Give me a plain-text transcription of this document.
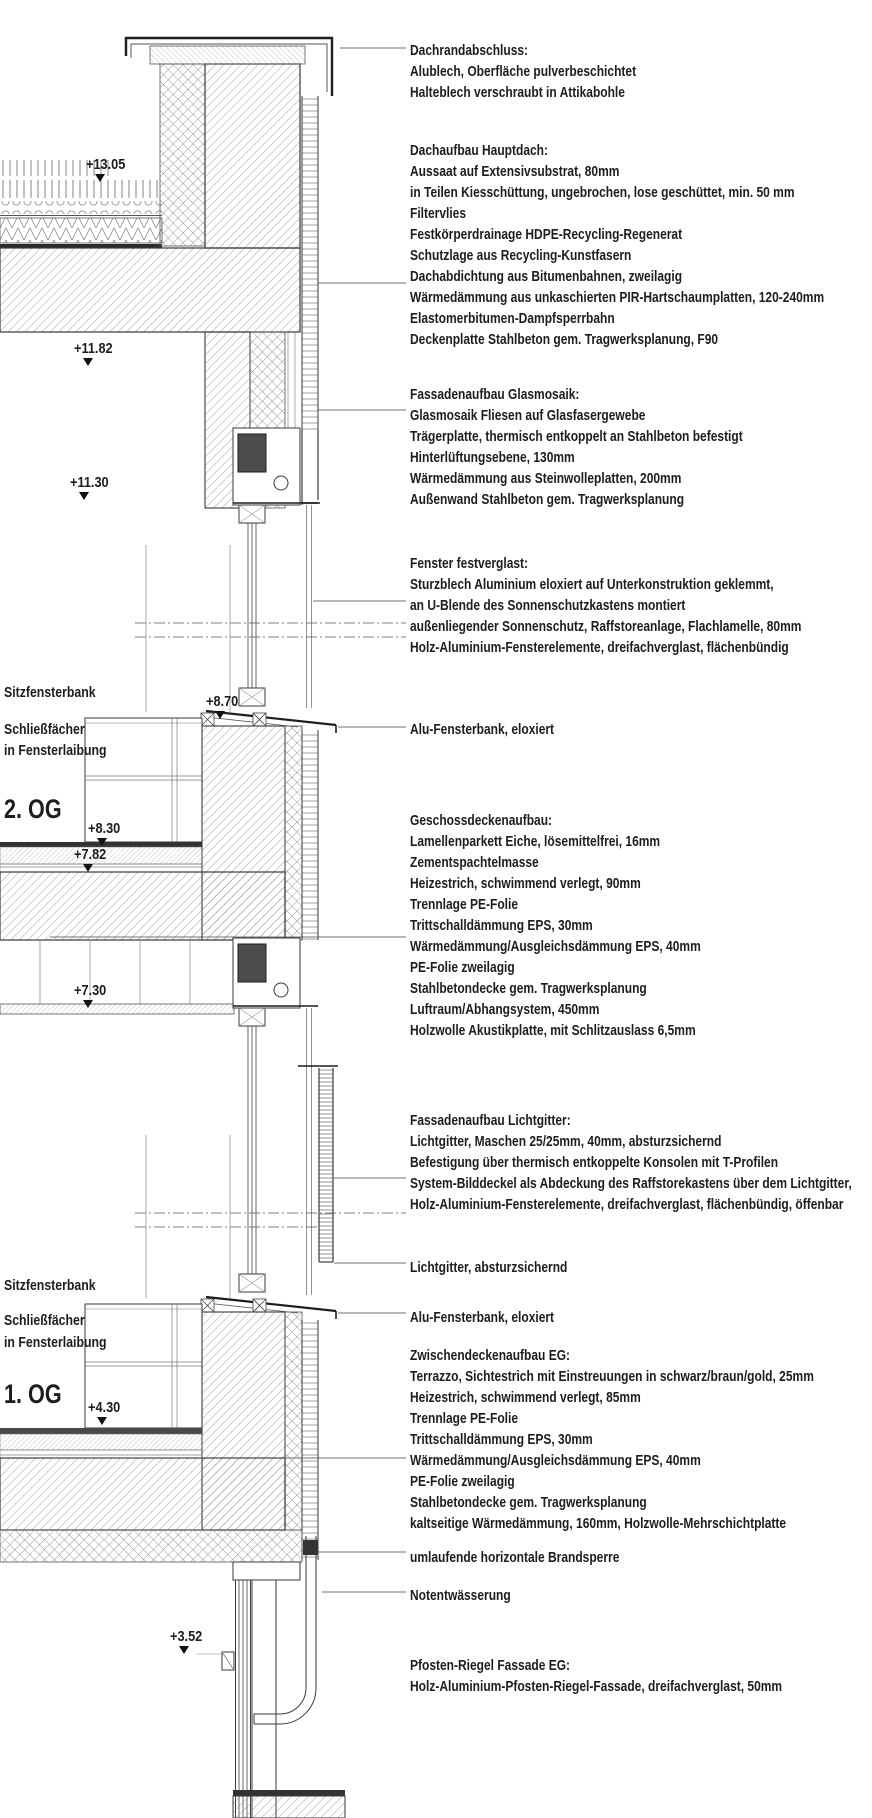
Dachrandabschluss:
Alublech, Oberfläche pulverbeschichtet
Halteblech verschraubt in Attikabohle
Dachaufbau Hauptdach:
Aussaat auf Extensivsubstrat, 80mm
in Teilen Kiesschüttung, ungebrochen, lose geschüttet, min. 50 mm
Filtervlies
Festkörperdrainage HDPE-Recycling-Regenerat
Schutzlage aus Recycling-Kunstfasern
Dachabdichtung aus Bitumenbahnen, zweilagig
Wärmedämmung aus unkaschierten PIR-Hartschaumplatten, 120-240mm
Elastomerbitumen-Dampfsperrbahn
Deckenplatte Stahlbeton gem. Tragwerksplanung, F90
Fassadenaufbau Glasmosaik:
Glasmosaik Fliesen auf Glasfasergewebe
Trägerplatte, thermisch entkoppelt an Stahlbeton befestigt
Hinterlüftungsebene, 130mm
Wärmedämmung aus Steinwolleplatten, 200mm
Außenwand Stahlbeton gem. Tragwerksplanung
Fenster festverglast:
Sturzblech Aluminium eloxiert auf Unterkonstruktion geklemmt,
an U-Blende des Sonnenschutzkastens montiert
außenliegender Sonnenschutz, Raffstoreanlage, Flachlamelle, 80mm
Holz-Aluminium-Fensterelemente, dreifachverglast, flächenbündig
Alu-Fensterbank, eloxiert
Geschossdeckenaufbau:
Lamellenparkett Eiche, lösemittelfrei, 16mm
Zementspachtelmasse
Heizestrich, schwimmend verlegt, 90mm
Trennlage PE-Folie
Trittschalldämmung EPS, 30mm
Wärmedämmung/Ausgleichsdämmung EPS, 40mm
PE-Folie zweilagig
Stahlbetondecke gem. Tragwerksplanung
Luftraum/Abhangsystem, 450mm
Holzwolle Akustikplatte, mit Schlitzauslass 6,5mm
Fassadenaufbau Lichtgitter:
Lichtgitter, Maschen 25/25mm, 40mm, absturzsichernd
Befestigung über thermisch entkoppelte Konsolen mit T-Profilen
System-Bilddeckel als Abdeckung des Raffstorekastens über dem Lichtgitter,
Holz-Aluminium-Fensterelemente, dreifachverglast, flächenbündig, öffenbar
Lichtgitter, absturzsichernd
Alu-Fensterbank, eloxiert
Zwischendeckenaufbau EG:
Terrazzo, Sichtestrich mit Einstreuungen in schwarz/braun/gold, 25mm
Heizestrich, schwimmend verlegt, 85mm
Trennlage PE-Folie
Trittschalldämmung EPS, 30mm
Wärmedämmung/Ausgleichsdämmung EPS, 40mm
PE-Folie zweilagig
Stahlbetondecke gem. Tragwerksplanung
kaltseitige Wärmedämmung, 160mm, Holzwolle-Mehrschichtplatte
umlaufende horizontale Brandsperre
Notentwässerung
Pfosten-Riegel Fassade EG:
Holz-Aluminium-Pfosten-Riegel-Fassade, dreifachverglast, 50mm
Sitzfensterbank
Schließfächer
in Fensterlaibung
Sitzfensterbank
Schließfächer
in Fensterlaibung
2. OG
1. OG
+13.05
+11.82
+11.30
+8.70
+8.30
+7.82
+7.30
+4.30
+3.52
